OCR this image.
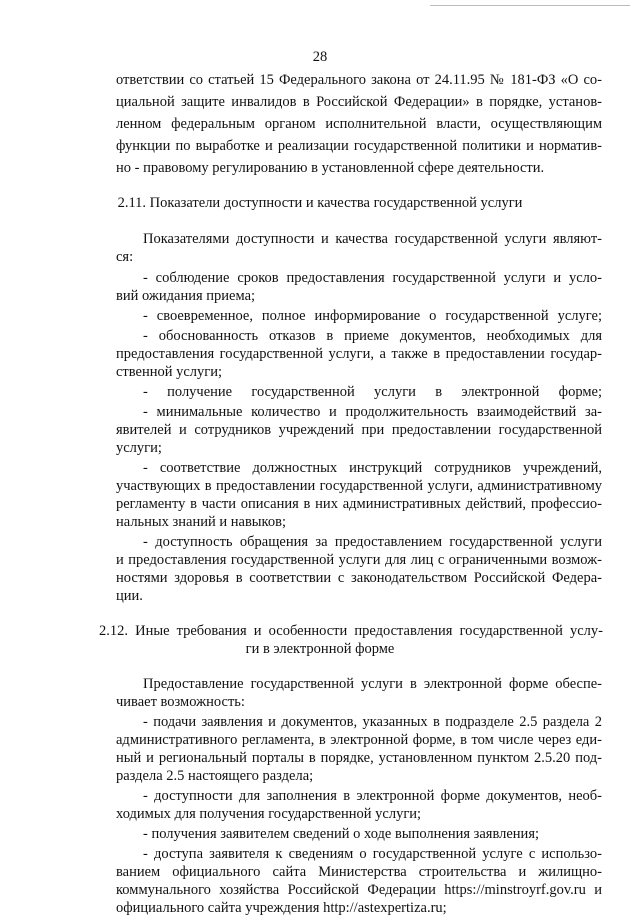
28
ответствии со статьей 15 Федерального закона от 24.11.95 № 181-ФЗ «О со-
циальной защите инвалидов в Российской Федерации» в порядке, установ-
ленном федеральным органом исполнительной власти, осуществляющим
функции по выработке и реализации государственной политики и норматив-
но - правовому регулированию в установленной сфере деятельности.
2.11. Показатели доступности и качества государственной услуги
Показателями доступности и качества государственной услуги являют-
ся:
- соблюдение сроков предоставления государственной услуги и усло-
вий ожидания приема;
- своевременное, полное информирование о государственной услуге;
- обоснованность отказов в приеме документов, необходимых для
предоставления государственной услуги, а также в предоставлении государ-
ственной услуги;
- получение государственной услуги в электронной форме;
- минимальные количество и продолжительность взаимодействий за-
явителей и сотрудников учреждений при предоставлении государственной
услуги;
- соответствие должностных инструкций сотрудников учреждений,
участвующих в предоставлении государственной услуги, административному
регламенту в части описания в них административных действий, профессио-
нальных знаний и навыков;
- доступность обращения за предоставлением государственной услуги
и предоставления государственной услуги для лиц с ограниченными возмож-
ностями здоровья в соответствии с законодательством Российской Федера-
ции.
2.12. Иные требования и особенности предоставления государственной услу-
ги в электронной форме
Предоставление государственной услуги в электронной форме обеспе-
чивает возможность:
- подачи заявления и документов, указанных в подразделе 2.5 раздела 2
административного регламента, в электронной форме, в том числе через еди-
ный и региональный порталы в порядке, установленном пунктом 2.5.20 под-
раздела 2.5 настоящего раздела;
- доступности для заполнения в электронной форме документов, необ-
ходимых для получения государственной услуги;
- получения заявителем сведений о ходе выполнения заявления;
- доступа заявителя к сведениям о государственной услуге с использо-
ванием официального сайта Министерства строительства и жилищно-
коммунального хозяйства Российской Федерации https://minstroyrf.gov.ru и
официального сайта учреждения http://astexpertiza.ru;
